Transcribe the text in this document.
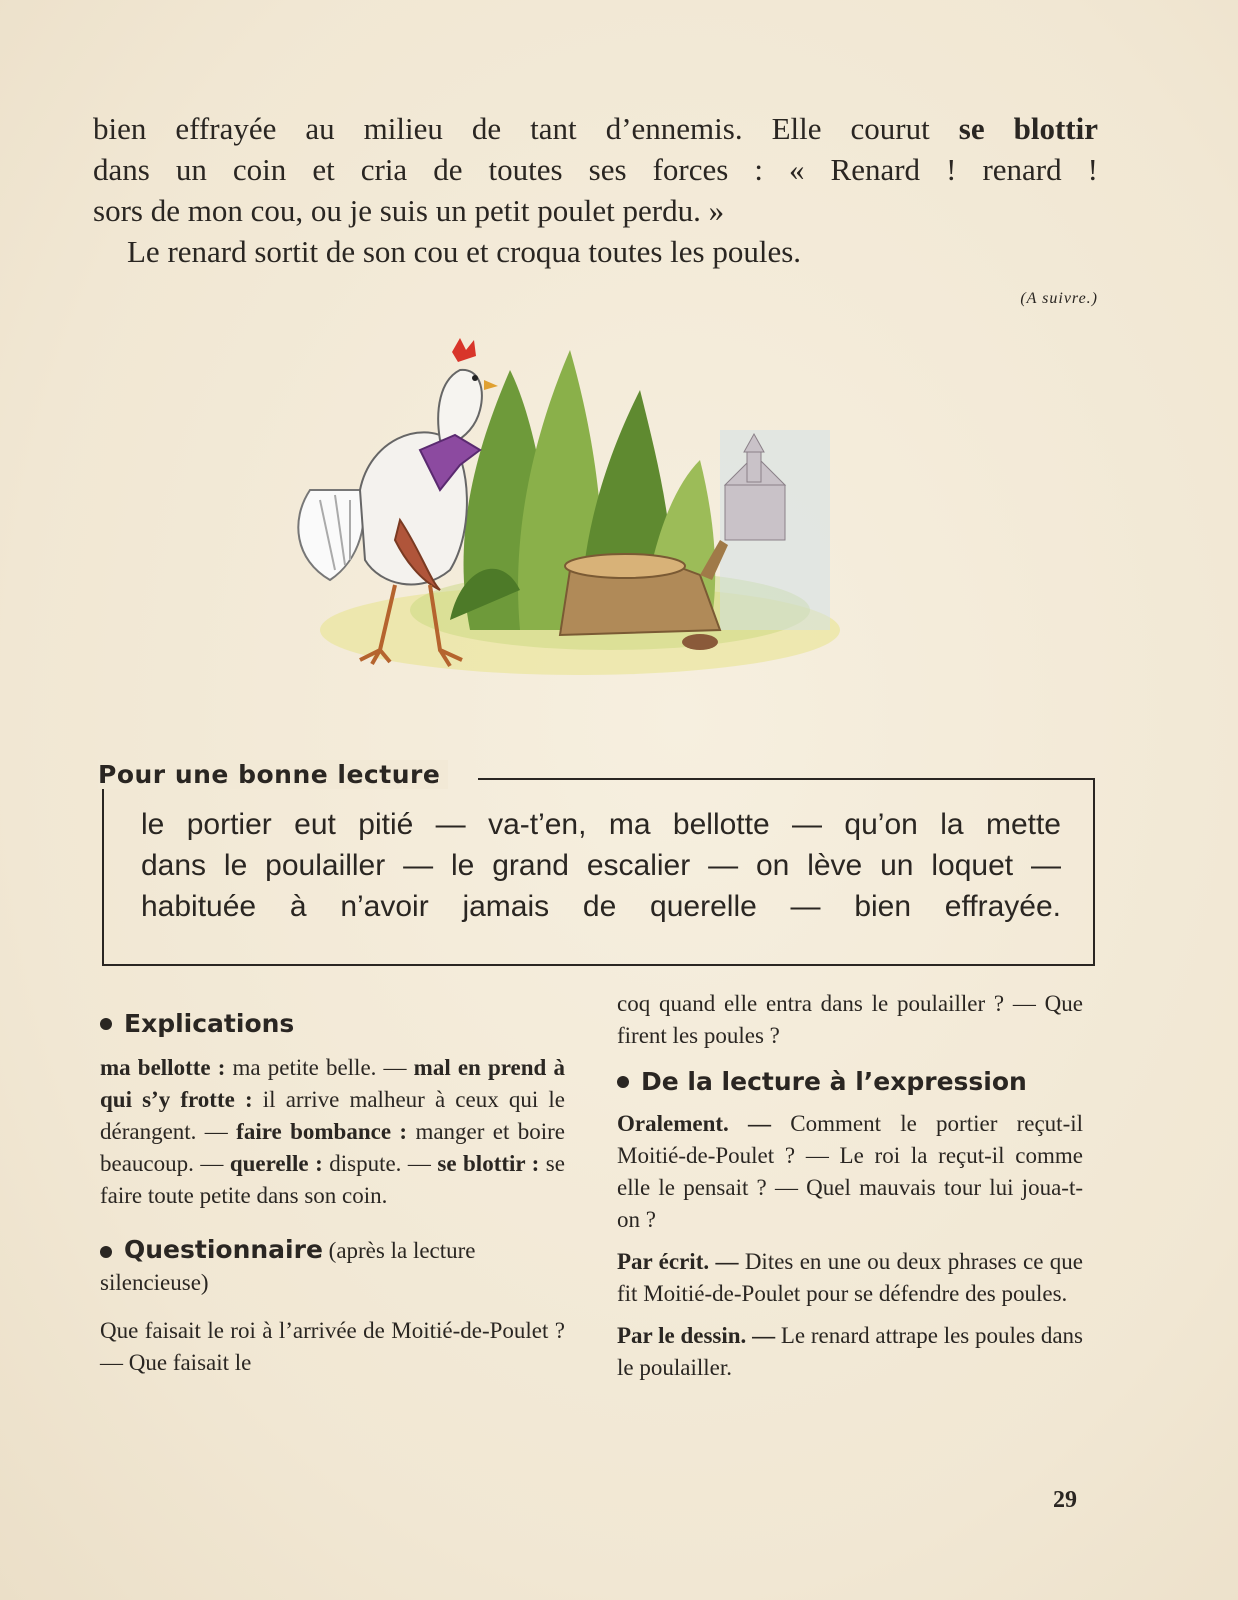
bien effrayée au milieu de tant d’ennemis. Elle courut se blottir

dans un coin et cria de toutes ses forces : « Renard ! renard !

sors de mon cou, ou je suis un petit poulet perdu. »

Le renard sortit de son cou et croqua toutes les poules.

(A suivre.)
Pour une bonne lecture
le portier eut pitié — va-t’en, ma bellotte — qu’on la mette
dans le poulailler — le grand escalier — on lève un loquet —
habituée à n’avoir jamais de querelle — bien effrayée.
Explications

ma bellotte : ma petite belle. — mal en prend à qui s’y frotte : il arrive malheur à ceux qui le dérangent. — faire bombance : manger et boire beaucoup. — querelle : dispute. — se blottir : se faire toute petite dans son coin.

Questionnaire (après la lecture silencieuse)

Que faisait le roi à l’arrivée de Moitié-de-Poulet ? — Que faisait le

coq quand elle entra dans le poulailler ? — Que firent les poules ?

De la lecture à l’expression

Oralement. — Comment le portier reçut-il Moitié-de-Poulet ? — Le roi la reçut-il comme elle le pensait ? — Quel mauvais tour lui joua-t-on ?

Par écrit. — Dites en une ou deux phrases ce que fit Moitié-de-Poulet pour se défendre des poules.

Par le dessin. — Le renard attrape les poules dans le poulailler.

29
